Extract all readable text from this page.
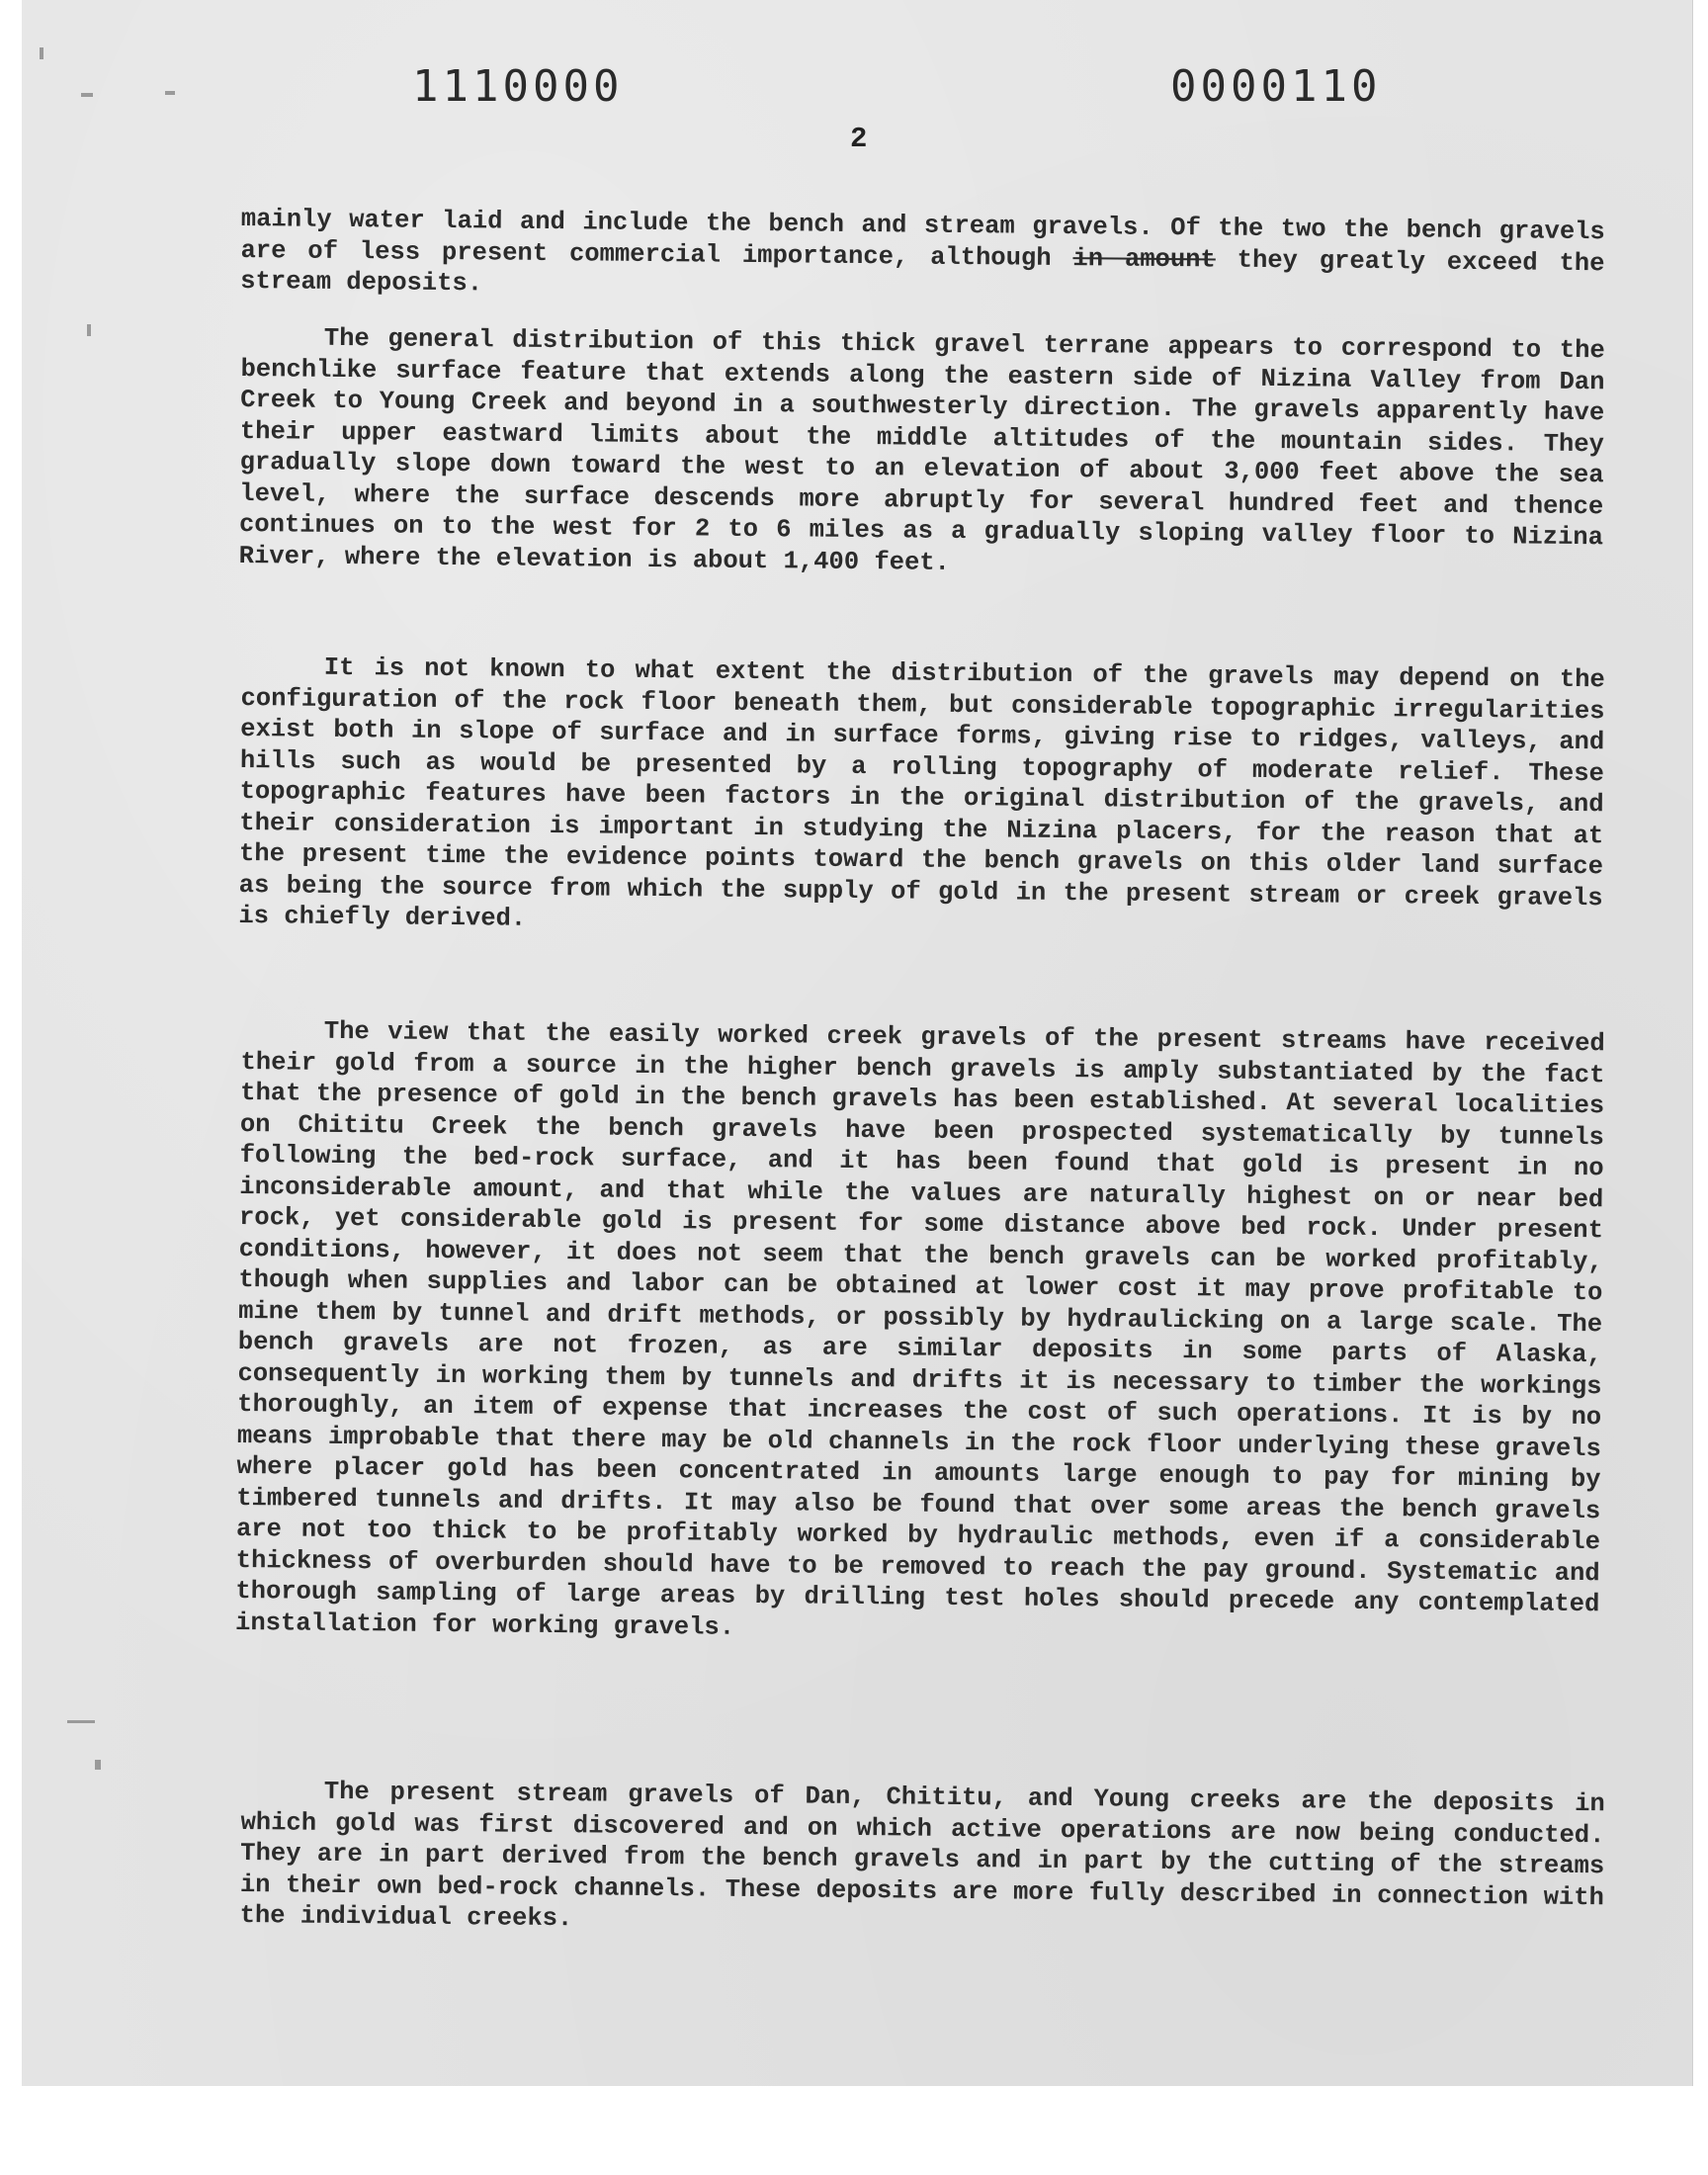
1110000	0000110
2

mainly water laid and include the bench and stream gravels. Of the two the bench gravels are of less present commercial importance, although in amount they greatly exceed the stream deposits.

The general distribution of this thick gravel terrane appears to correspond to the benchlike surface feature that extends along the eastern side of Nizina Valley from Dan Creek to Young Creek and beyond in a southwesterly direction. The gravels apparently have their upper eastward limits about the middle altitudes of the mountain sides. They gradually slope down toward the west to an elevation of about 3,000 feet above the sea level, where the surface descends more abruptly for several hundred feet and thence continues on to the west for 2 to 6 miles as a gradually sloping valley floor to Nizina River, where the elevation is about 1,400 feet.

It is not known to what extent the distribution of the gravels may depend on the configuration of the rock floor beneath them, but considerable topographic irregularities exist both in slope of surface and in surface forms, giving rise to ridges, valleys, and hills such as would be presented by a rolling topography of moderate relief. These topographic features have been factors in the original distribution of the gravels, and their consideration is important in studying the Nizina placers, for the reason that at the present time the evidence points toward the bench gravels on this older land surface as being the source from which the supply of gold in the present stream or creek gravels is chiefly derived.

The view that the easily worked creek gravels of the present streams have received their gold from a source in the higher bench gravels is amply substantiated by the fact that the presence of gold in the bench gravels has been established. At several localities on Chititu Creek the bench gravels have been prospected systematically by tunnels following the bed-rock surface, and it has been found that gold is present in no inconsiderable amount, and that while the values are naturally highest on or near bed rock, yet considerable gold is present for some distance above bed rock. Under present conditions, however, it does not seem that the bench gravels can be worked profitably, though when supplies and labor can be obtained at lower cost it may prove profitable to mine them by tunnel and drift methods, or possibly by hydraulicking on a large scale. The bench gravels are not frozen, as are similar deposits in some parts of Alaska, consequently in working them by tunnels and drifts it is necessary to timber the workings thoroughly, an item of expense that increases the cost of such operations. It is by no means improbable that there may be old channels in the rock floor underlying these gravels where placer gold has been concentrated in amounts large enough to pay for mining by timbered tunnels and drifts. It may also be found that over some areas the bench gravels are not too thick to be profitably worked by hydraulic methods, even if a considerable thickness of overburden should have to be removed to reach the pay ground. Systematic and thorough sampling of large areas by drilling test holes should precede any contemplated installation for working gravels.

The present stream gravels of Dan, Chititu, and Young creeks are the deposits in which gold was first discovered and on which active operations are now being conducted. They are in part derived from the bench gravels and in part by the cutting of the streams in their own bed-rock channels. These deposits are more fully described in connection with the individual creeks.
